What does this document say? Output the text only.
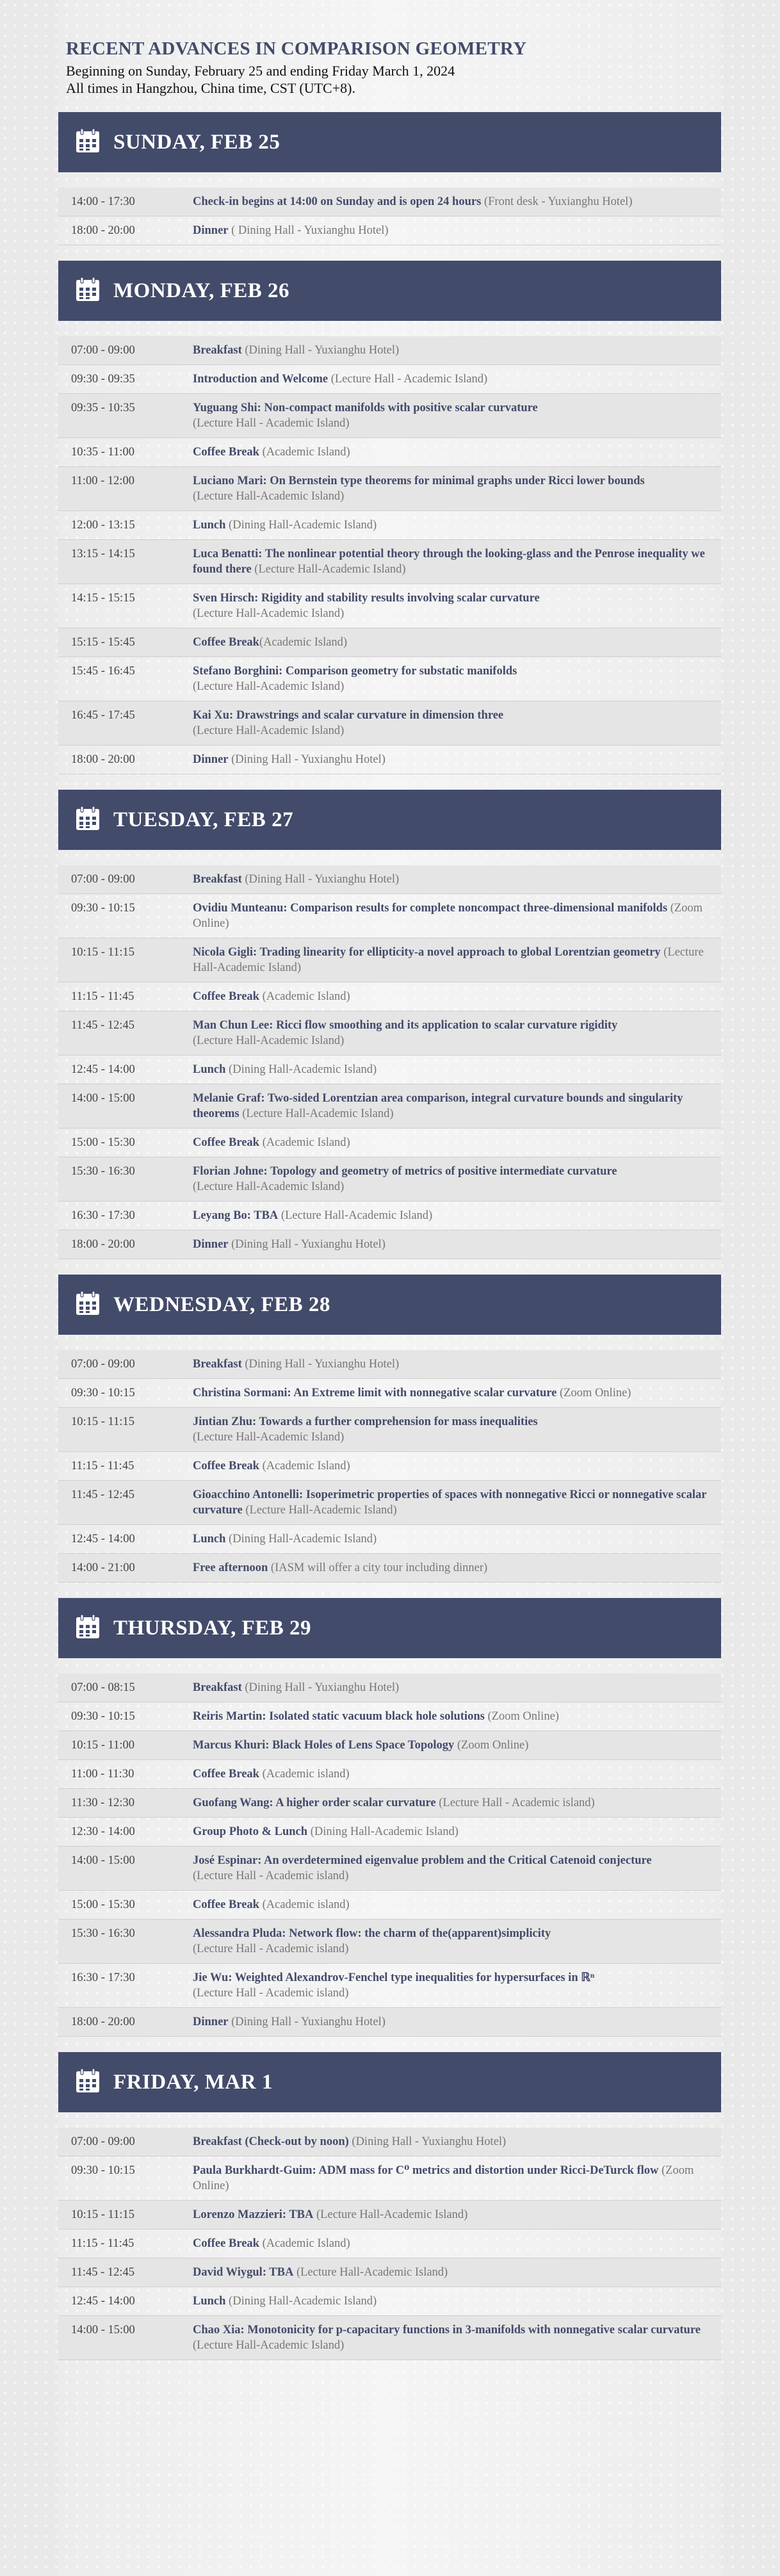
RECENT ADVANCES IN COMPARISON GEOMETRY
Beginning on Sunday, February 25 and ending Friday March 1, 2024
All times in Hangzhou, China time, CST (UTC+8).
SUNDAY, FEB 25
14:00 - 17:30	Check-in begins at 14:00 on Sunday and is open 24 hours (Front desk - Yuxianghu Hotel)
18:00 - 20:00	Dinner ( Dining Hall - Yuxianghu Hotel)
MONDAY, FEB 26
07:00 - 09:00	Breakfast (Dining Hall - Yuxianghu Hotel)
09:30 - 09:35	Introduction and Welcome (Lecture Hall - Academic Island)
09:35 - 10:35	Yuguang Shi: Non-compact manifolds with positive scalar curvature
(Lecture Hall - Academic Island)
10:35 - 11:00	Coffee Break (Academic Island)
11:00 - 12:00	Luciano Mari: On Bernstein type theorems for minimal graphs under Ricci lower bounds
(Lecture Hall-Academic Island)
12:00 - 13:15	Lunch (Dining Hall-Academic Island)
13:15 - 14:15	Luca Benatti: The nonlinear potential theory through the looking-glass and the Penrose inequality we found there (Lecture Hall-Academic Island)
14:15 - 15:15	Sven Hirsch: Rigidity and stability results involving scalar curvature
(Lecture Hall-Academic Island)
15:15 - 15:45	Coffee Break(Academic Island)
15:45 - 16:45	Stefano Borghini: Comparison geometry for substatic manifolds
(Lecture Hall-Academic Island)
16:45 - 17:45	Kai Xu: Drawstrings and scalar curvature in dimension three
(Lecture Hall-Academic Island)
18:00 - 20:00	Dinner (Dining Hall - Yuxianghu Hotel)
TUESDAY, FEB 27
07:00 - 09:00	Breakfast (Dining Hall - Yuxianghu Hotel)
09:30 - 10:15	Ovidiu Munteanu: Comparison results for complete noncompact three-dimensional manifolds (Zoom Online)
10:15 - 11:15	Nicola Gigli: Trading linearity for ellipticity-a novel approach to global Lorentzian geometry (Lecture Hall-Academic Island)
11:15 - 11:45	Coffee Break (Academic Island)
11:45 - 12:45	Man Chun Lee: Ricci flow smoothing and its application to scalar curvature rigidity
(Lecture Hall-Academic Island)
12:45 - 14:00	Lunch (Dining Hall-Academic Island)
14:00 - 15:00	Melanie Graf: Two-sided Lorentzian area comparison, integral curvature bounds and singularity theorems (Lecture Hall-Academic Island)
15:00 - 15:30	Coffee Break (Academic Island)
15:30 - 16:30	Florian Johne: Topology and geometry of metrics of positive intermediate curvature
(Lecture Hall-Academic Island)
16:30 - 17:30	Leyang Bo: TBA (Lecture Hall-Academic Island)
18:00 - 20:00	Dinner (Dining Hall - Yuxianghu Hotel)
WEDNESDAY, FEB 28
07:00 - 09:00	Breakfast (Dining Hall - Yuxianghu Hotel)
09:30 - 10:15	Christina Sormani: An Extreme limit with nonnegative scalar curvature (Zoom Online)
10:15 - 11:15	Jintian Zhu: Towards a further comprehension for mass inequalities
(Lecture Hall-Academic Island)
11:15 - 11:45	Coffee Break (Academic Island)
11:45 - 12:45	Gioacchino Antonelli: Isoperimetric properties of spaces with nonnegative Ricci or nonnegative scalar curvature (Lecture Hall-Academic Island)
12:45 - 14:00	Lunch (Dining Hall-Academic Island)
14:00 - 21:00	Free afternoon (IASM will offer a city tour including dinner)
THURSDAY, FEB 29
07:00 - 08:15	Breakfast (Dining Hall - Yuxianghu Hotel)
09:30 - 10:15	Reiris Martin: Isolated static vacuum black hole solutions (Zoom Online)
10:15 - 11:00	Marcus Khuri: Black Holes of Lens Space Topology (Zoom Online)
11:00 - 11:30	Coffee Break (Academic island)
11:30 - 12:30	Guofang Wang: A higher order scalar curvature (Lecture Hall - Academic island)
12:30 - 14:00	Group Photo & Lunch (Dining Hall-Academic Island)
14:00 - 15:00	José Espinar: An overdetermined eigenvalue problem and the Critical Catenoid conjecture
(Lecture Hall - Academic island)
15:00 - 15:30	Coffee Break (Academic island)
15:30 - 16:30	Alessandra Pluda: Network flow: the charm of the(apparent)simplicity
(Lecture Hall - Academic island)
16:30 - 17:30	Jie Wu: Weighted Alexandrov-Fenchel type inequalities for hypersurfaces in ℝⁿ
(Lecture Hall - Academic island)
18:00 - 20:00	Dinner (Dining Hall - Yuxianghu Hotel)
FRIDAY, MAR 1
07:00 - 09:00	Breakfast (Check-out by noon) (Dining Hall - Yuxianghu Hotel)
09:30 - 10:15	Paula Burkhardt-Guim: ADM mass for C⁰ metrics and distortion under Ricci-DeTurck flow (Zoom Online)
10:15 - 11:15	Lorenzo Mazzieri: TBA (Lecture Hall-Academic Island)
11:15 - 11:45	Coffee Break (Academic Island)
11:45 - 12:45	David Wiygul: TBA (Lecture Hall-Academic Island)
12:45 - 14:00	Lunch (Dining Hall-Academic Island)
14:00 - 15:00	Chao Xia: Monotonicity for p-capacitary functions in 3-manifolds with nonnegative scalar curvature (Lecture Hall-Academic Island)
